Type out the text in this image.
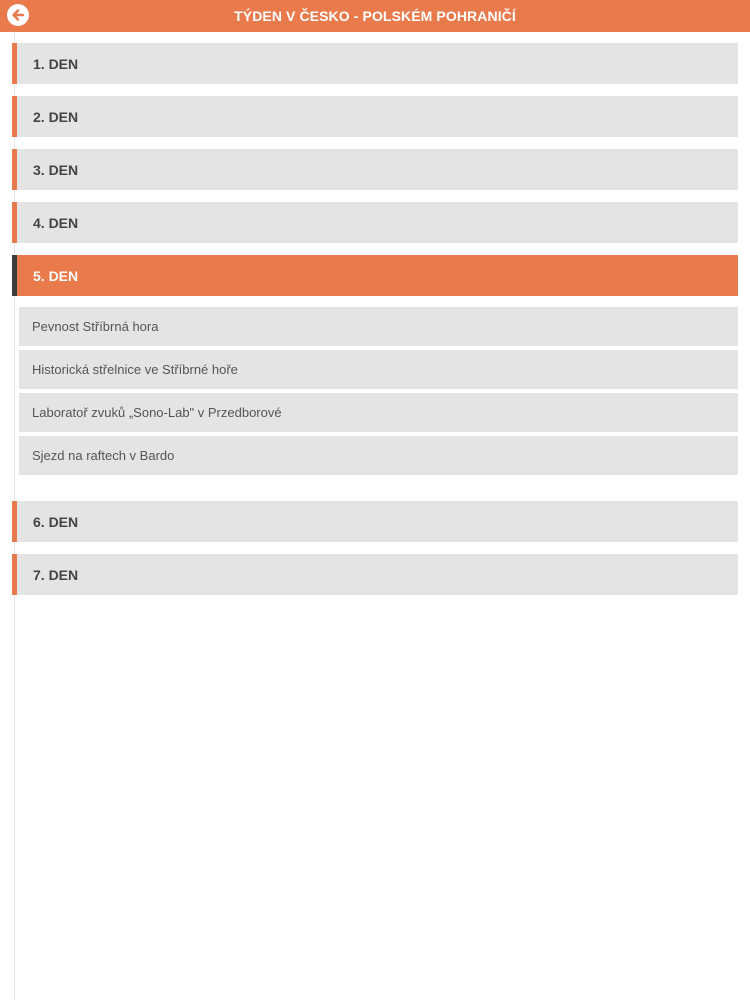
TÝDEN V ČESKO - POLSKÉM POHRANIČÍ
1. DEN
2. DEN
3. DEN
4. DEN
5. DEN
Pevnost Stříbrná hora
Historická střelnice ve Stříbrné hoře
Laboratoř zvuků „Sono-Lab" v Przedborové
Sjezd na raftech v Bardo
6. DEN
7. DEN
